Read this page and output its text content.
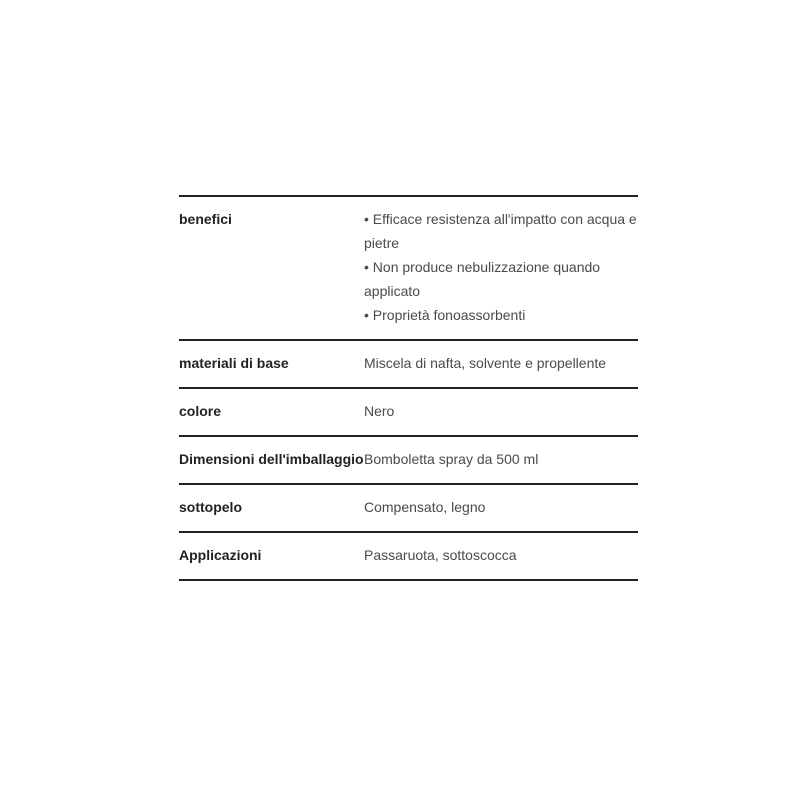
benefici
•	Efficace resistenza all'impatto con acqua e pietre
• Non produce nebulizzazione quando applicato
• Proprietà fonoassorbenti
materiali di base	Miscela di nafta, solvente e propellente
colore	Nero
Dimensioni dell'imballaggio Bomboletta spray da 500 ml
sottopelo	Compensato, legno
Applicazioni	Passaruota, sottoscocca
